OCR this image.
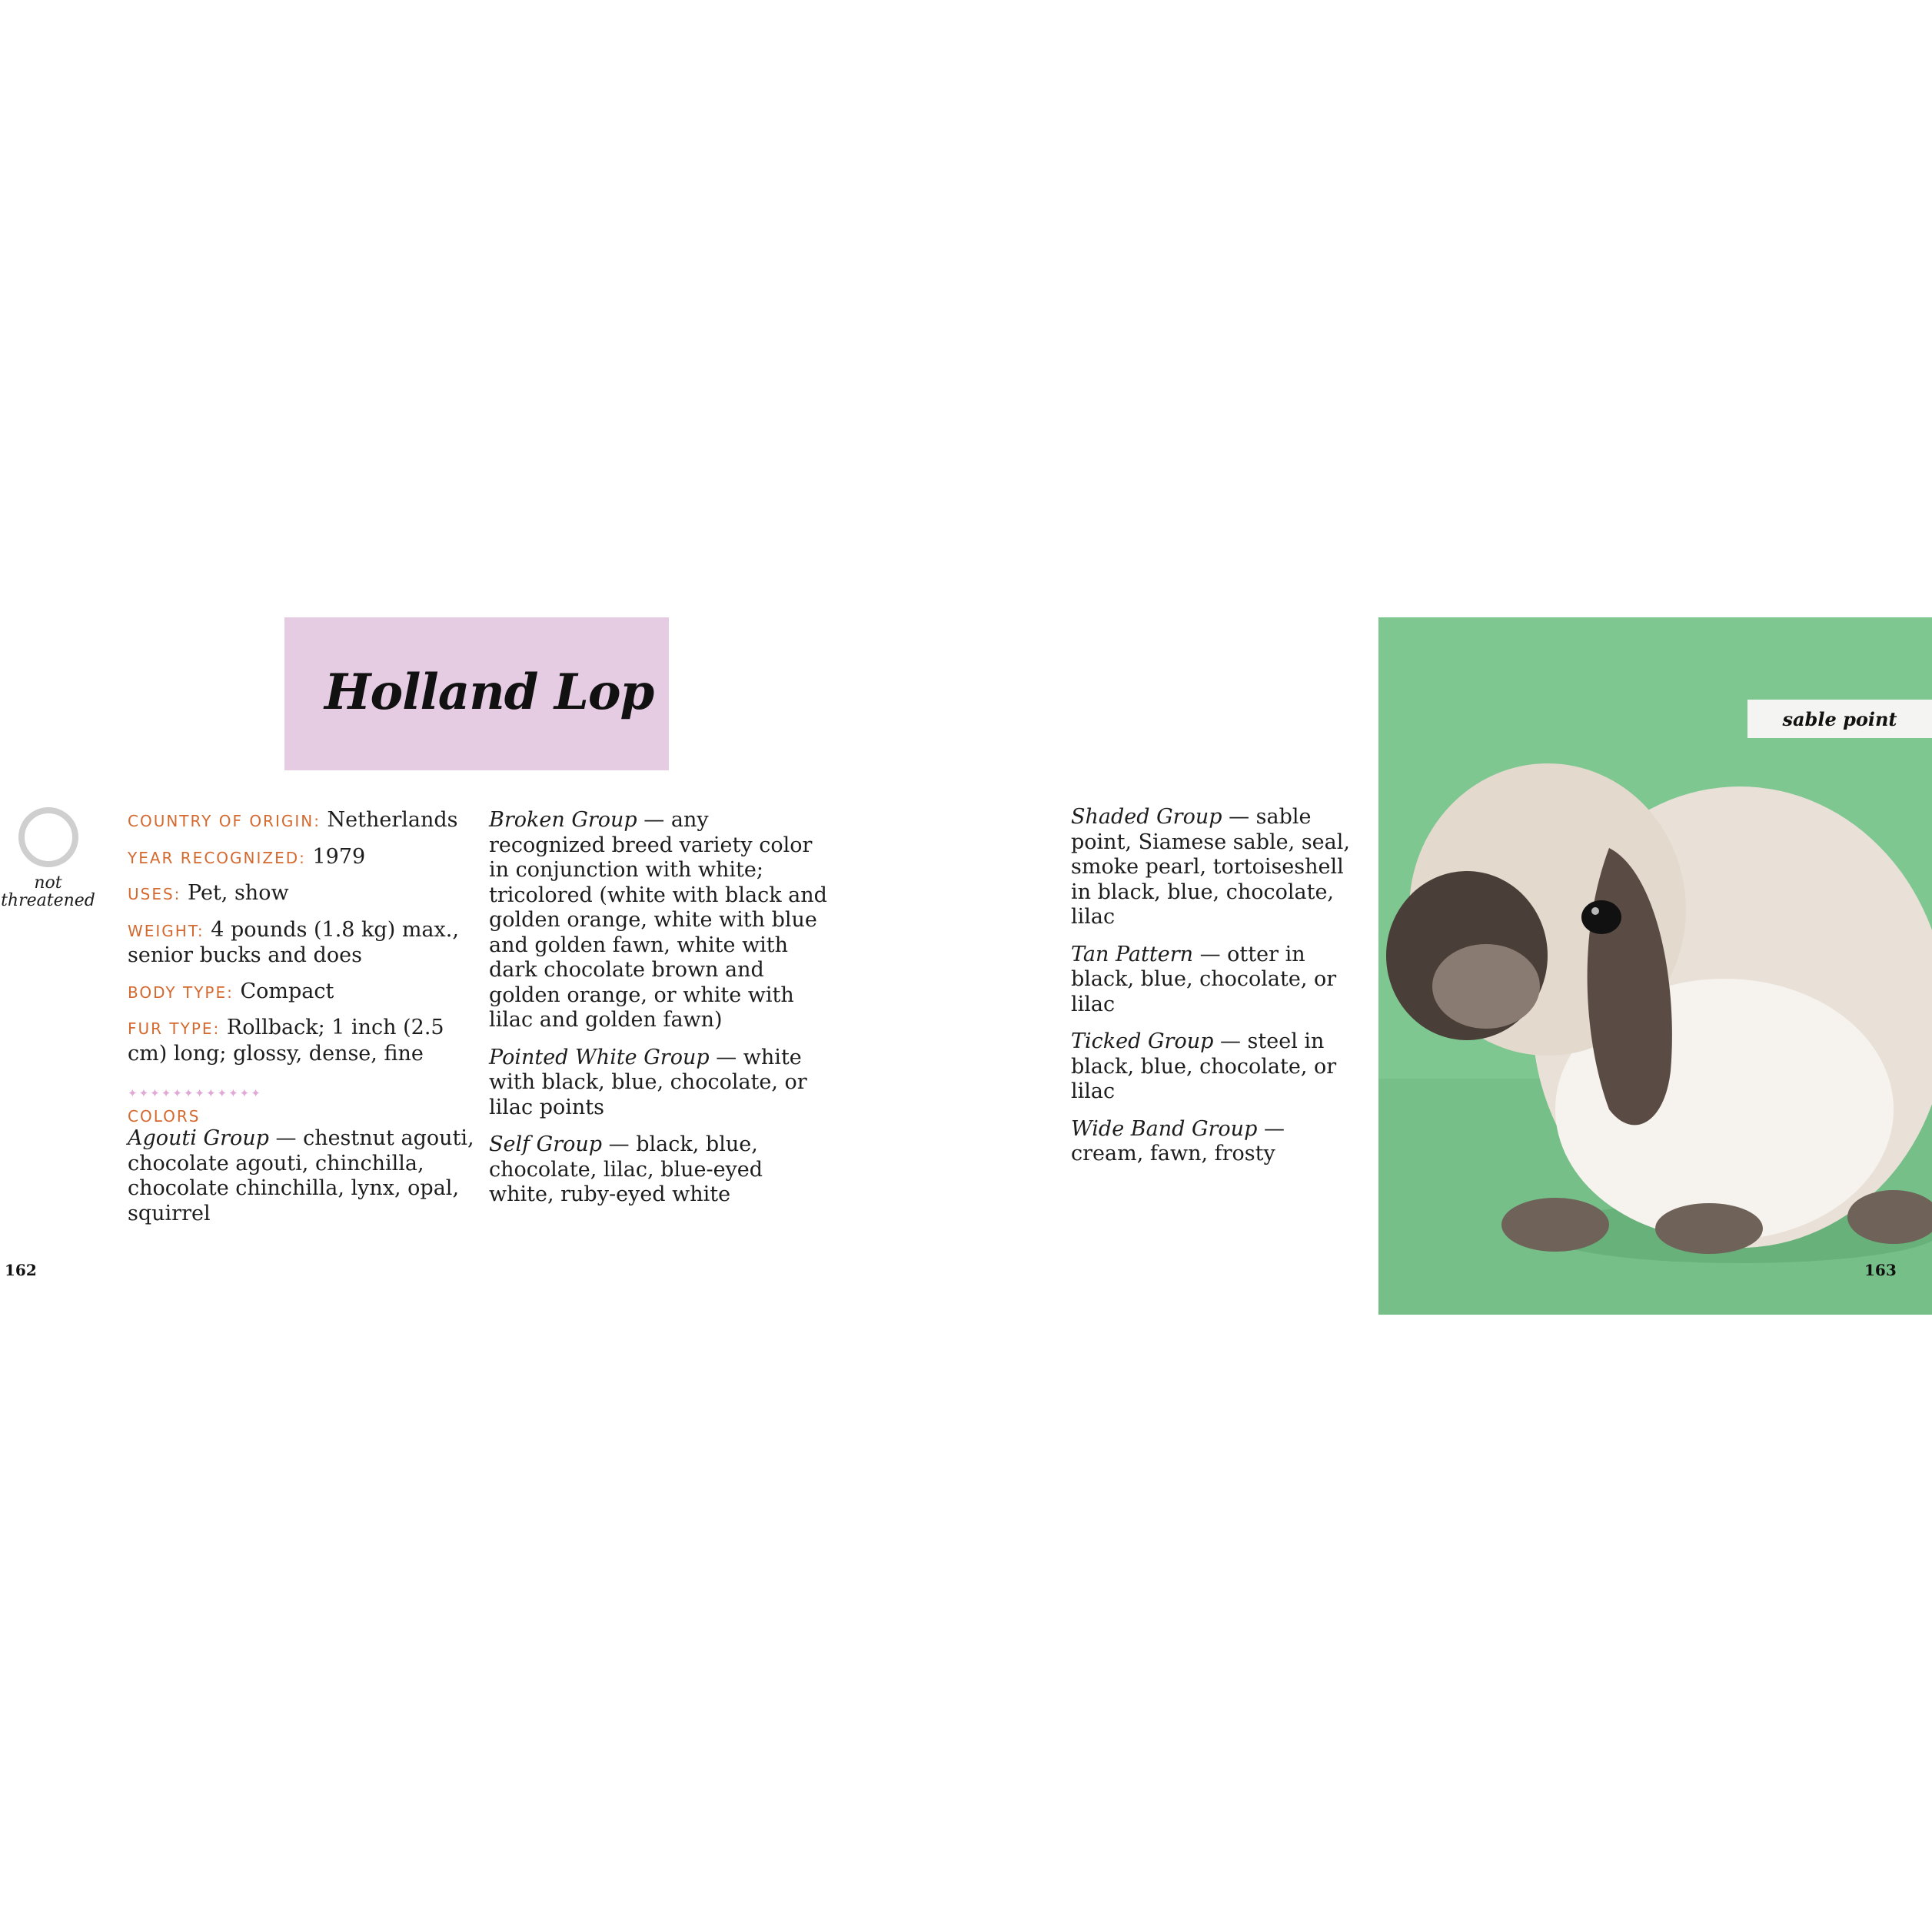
Holland Lop
not threatened
COUNTRY OF ORIGIN: Netherlands
YEAR RECOGNIZED: 1979
USES: Pet, show
WEIGHT: 4 pounds (1.8 kg) max., senior bucks and does
BODY TYPE: Compact
FUR TYPE: Rollback; 1 inch (2.5 cm) long; glossy, dense, fine
✦✦✦✦✦✦✦✦✦✦✦✦
COLORS
Agouti Group — chestnut agouti, chocolate agouti, chinchilla, chocolate chinchilla, lynx, opal, squirrel
Broken Group — any recognized breed variety color in conjunction with white; tricolored (white with black and golden orange, white with blue and golden fawn, white with dark chocolate brown and golden orange, or white with lilac and golden fawn)
Pointed White Group — white with black, blue, chocolate, or lilac points
Self Group — black, blue, chocolate, lilac, blue-eyed white, ruby-eyed white
Shaded Group — sable point, Siamese sable, seal, smoke pearl, tortoiseshell in black, blue, chocolate, lilac
Tan Pattern — otter in black, blue, chocolate, or lilac
Ticked Group — steel in black, blue, chocolate, or lilac
Wide Band Group — cream, fawn, frosty
sable point
162	163
